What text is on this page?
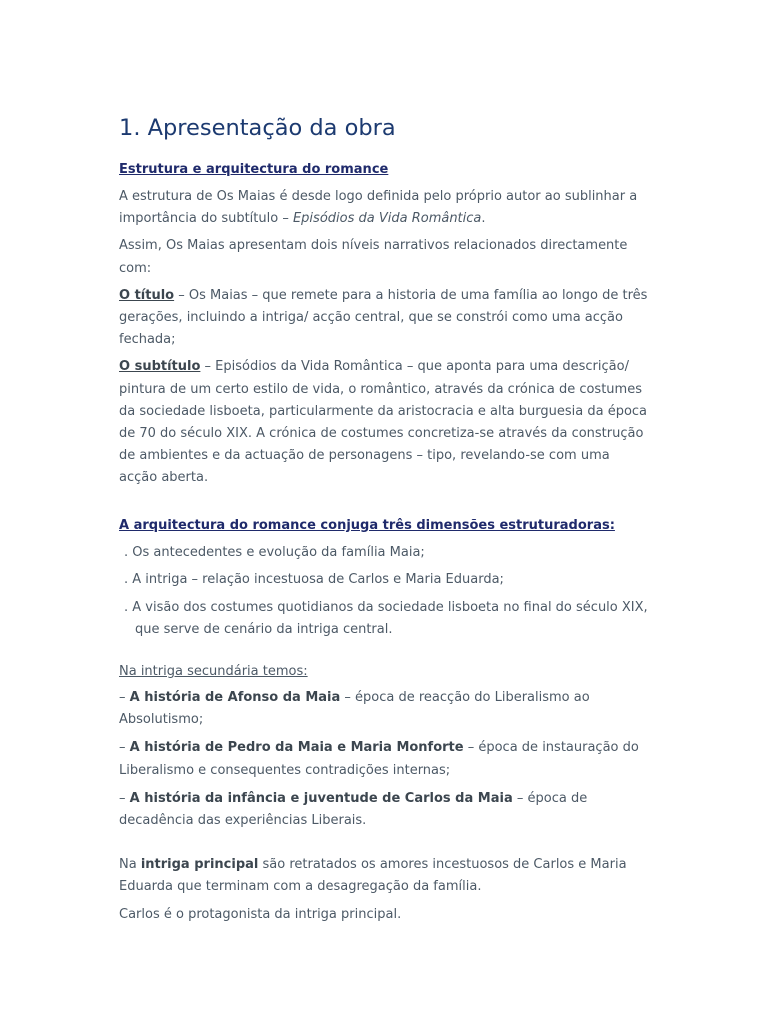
1. Apresentação da obra
Estrutura e arquitectura do romance

A estrutura de Os Maias é desde logo definida pelo próprio autor ao sublinhar a importância do subtítulo – Episódios da Vida Romântica.

Assim, Os Maias apresentam dois níveis narrativos relacionados directamente com:

O título – Os Maias – que remete para a historia de uma família ao longo de três gerações, incluindo a intriga/ acção central, que se constrói como uma acção fechada;

O subtítulo – Episódios da Vida Romântica – que aponta para uma descrição/ pintura de um certo estilo de vida, o romântico, através da crónica de costumes da sociedade lisboeta, particularmente da aristocracia e alta burguesia da época de 70 do século XIX. A crónica de costumes concretiza-se através da construção de ambientes e da actuação de personagens – tipo, revelando-se com uma acção aberta.

A arquitectura do romance conjuga três dimensões estruturadoras:
. Os antecedentes e evolução da família Maia;
. A intriga – relação incestuosa de Carlos e Maria Eduarda;
. A visão dos costumes quotidianos da sociedade lisboeta no final do século XIX, que serve de cenário da intriga central.
Na intriga secundária temos:

– A história de Afonso da Maia – época de reacção do Liberalismo ao Absolutismo;

– A história de Pedro da Maia e Maria Monforte – época de instauração do Liberalismo e consequentes contradições internas;

– A história da infância e juventude de Carlos da Maia – época de decadência das experiências Liberais.

Na intriga principal são retratados os amores incestuosos de Carlos e Maria Eduarda que terminam com a desagregação da família.

Carlos é o protagonista da intriga principal.
